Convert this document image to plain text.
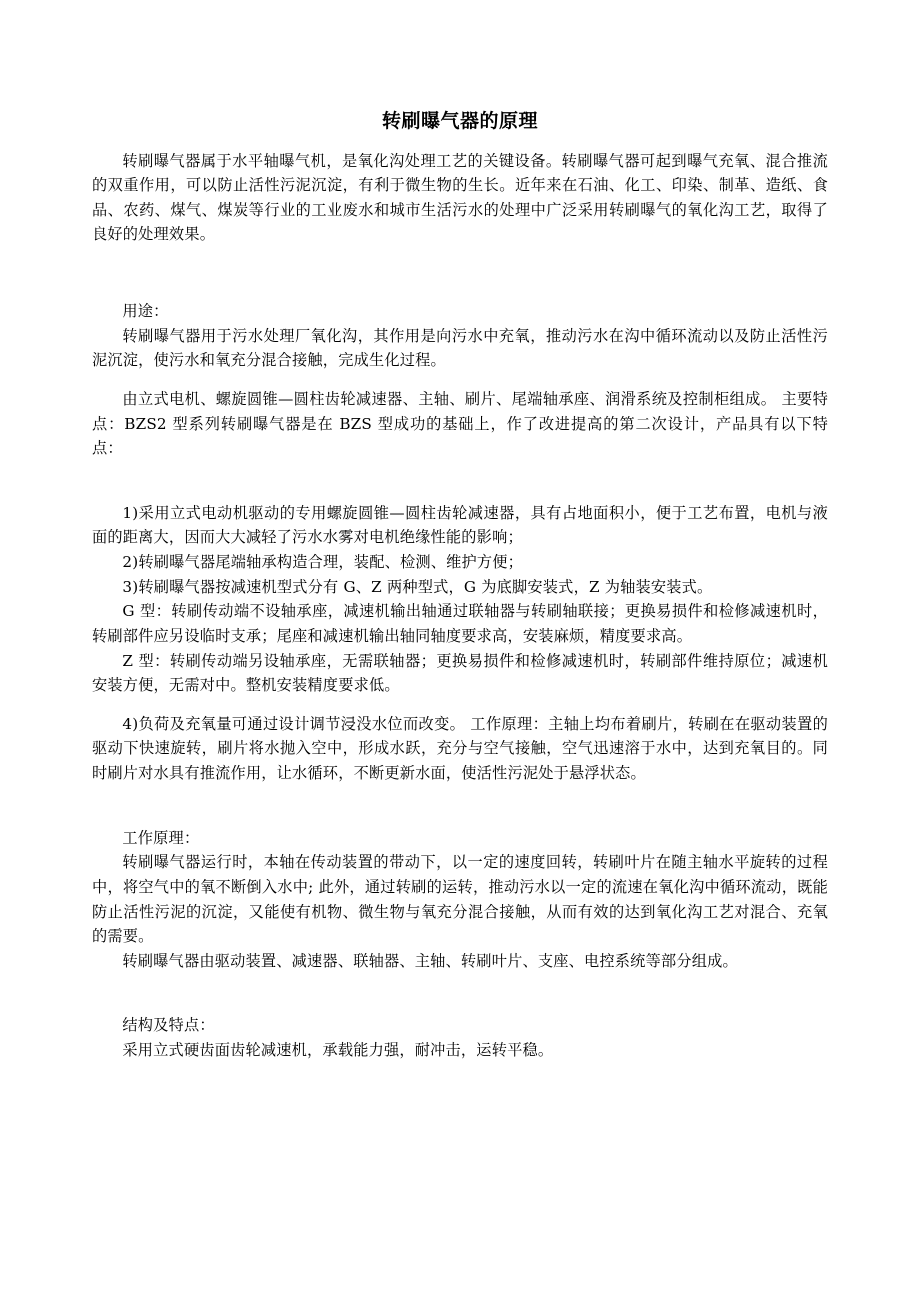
转刷曝气器的原理

转刷曝气器属于水平轴曝气机，是氧化沟处理工艺的关键设备。转刷曝气器可起到曝气充氧、混合推流的双重作用，可以防止活性污泥沉淀，有利于微生物的生长。近年来在石油、化工、印染、制革、造纸、食品、农药、煤气、煤炭等行业的工业废水和城市生活污水的处理中广泛采用转刷曝气的氧化沟工艺，取得了良好的处理效果。

用途：

转刷曝气器用于污水处理厂氧化沟，其作用是向污水中充氧，推动污水在沟中循环流动以及防止活性污泥沉淀，使污水和氧充分混合接触，完成生化过程。

由立式电机、螺旋圆锥—圆柱齿轮减速器、主轴、刷片、尾端轴承座、润滑系统及控制柜组成。 主要特点：BZS2 型系列转刷曝气器是在 BZS 型成功的基础上，作了改进提高的第二次设计，产品具有以下特点：

1)采用立式电动机驱动的专用螺旋圆锥—圆柱齿轮减速器，具有占地面积小，便于工艺布置，电机与液面的距离大，因而大大减轻了污水水雾对电机绝缘性能的影响；

2)转刷曝气器尾端轴承构造合理，装配、检测、维护方便；

3)转刷曝气器按减速机型式分有 G、Z 两种型式，G 为底脚安装式，Z 为轴装安装式。

G 型：转刷传动端不设轴承座，减速机输出轴通过联轴器与转刷轴联接；更换易损件和检修减速机时，转刷部件应另设临时支承；尾座和减速机输出轴同轴度要求高，安装麻烦，精度要求高。

Z 型：转刷传动端另设轴承座，无需联轴器；更换易损件和检修减速机时，转刷部件维持原位；减速机安装方便，无需对中。整机安装精度要求低。

4)负荷及充氧量可通过设计调节浸没水位而改变。 工作原理：主轴上均布着刷片，转刷在在驱动装置的驱动下快速旋转，刷片将水抛入空中，形成水跃，充分与空气接触，空气迅速溶于水中，达到充氧目的。同时刷片对水具有推流作用，让水循环，不断更新水面，使活性污泥处于悬浮状态。

工作原理：

转刷曝气器运行时，本轴在传动装置的带动下，以一定的速度回转，转刷叶片在随主轴水平旋转的过程中，将空气中的氧不断倒入水中; 此外，通过转刷的运转，推动污水以一定的流速在氧化沟中循环流动，既能防止活性污泥的沉淀，又能使有机物、微生物与氧充分混合接触，从而有效的达到氧化沟工艺对混合、充氧的需要。

转刷曝气器由驱动装置、减速器、联轴器、主轴、转刷叶片、支座、电控系统等部分组成。

结构及特点：

采用立式硬齿面齿轮减速机，承载能力强，耐冲击，运转平稳。
